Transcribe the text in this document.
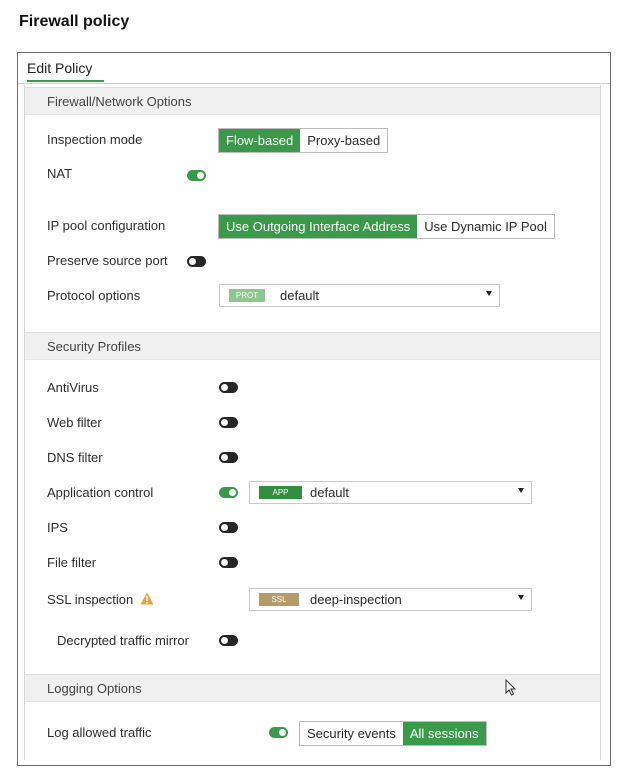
Firewall policy
Edit Policy
Firewall/Network Options
Inspection mode	Flow-based	Proxy-based
NAT
IP pool configuration	Use Outgoing Interface Address	Use Dynamic IP Pool
Preserve source port
Protocol options	PROT	default
Security Profiles
AntiVirus
Web filter
DNS filter
Application control	APP	default
IPS
File filter
SSL inspection	SSL	deep-inspection
Decrypted traffic mirror
Logging Options
Log allowed traffic	Security events	All sessions
